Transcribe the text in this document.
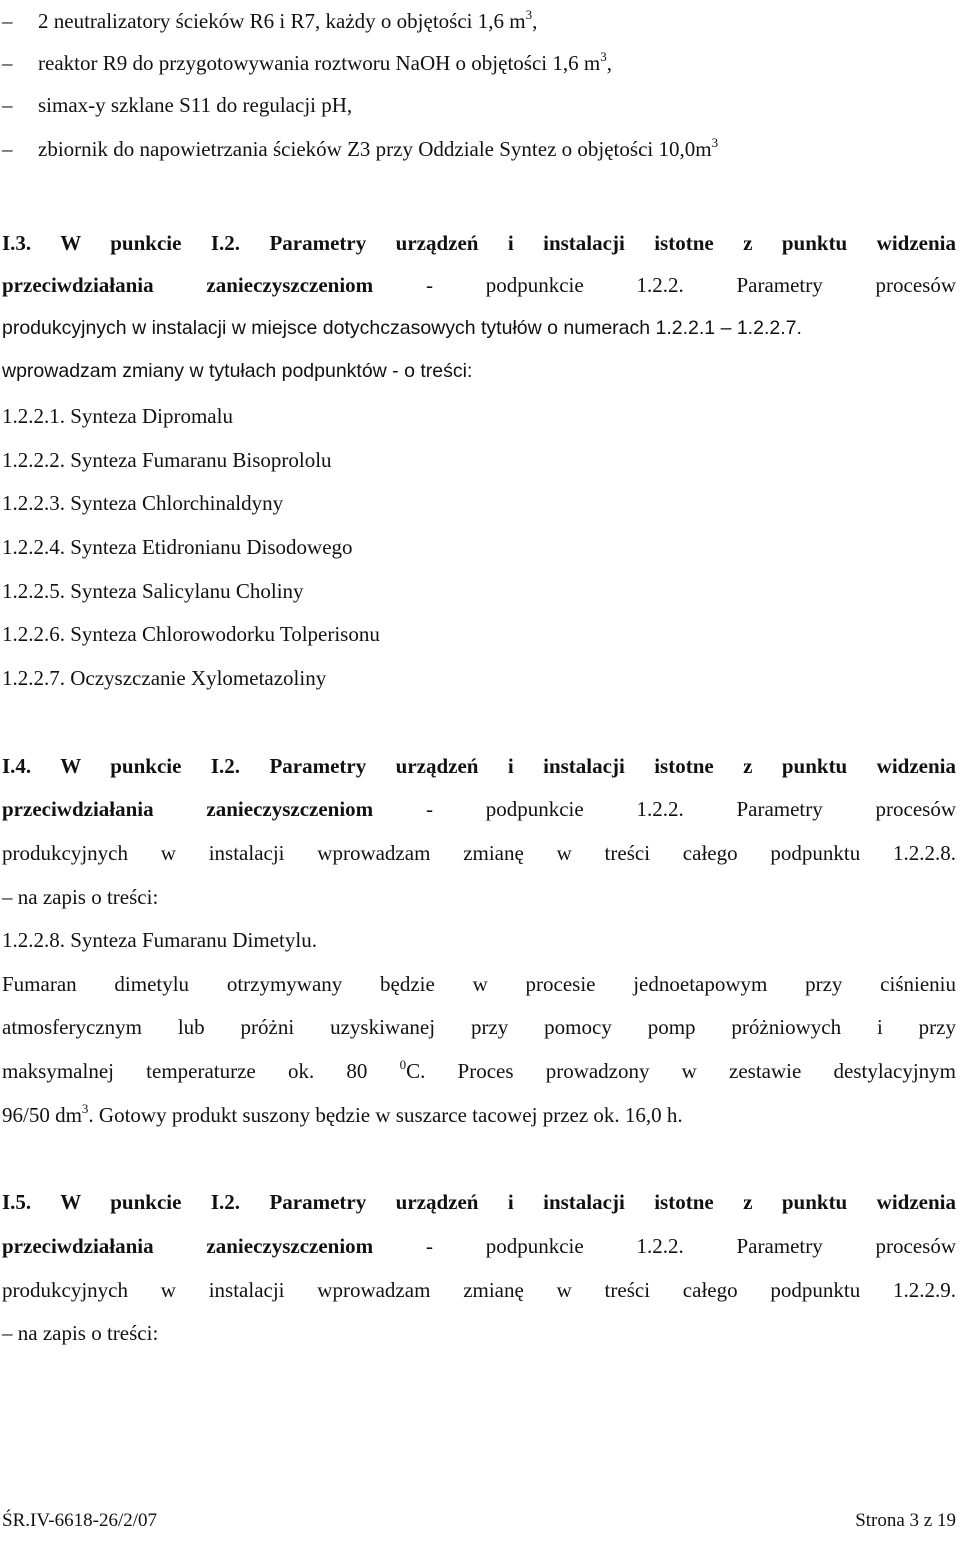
– 2 neutralizatory ścieków R6 i R7, każdy o objętości 1,6 $m^3$,
– reaktor R9 do przygotowywania roztworu NaOH o objętości 1,6 $m^3$,
– simax-y szklane S11 do regulacji pH,
– zbiornik do napowietrzania ścieków Z3 przy Oddziale Syntez o objętości $10,0m^3$
I.3. W punkcie I.2. Parametry urządzeń i instalacji istotne z punktu widzenia
przeciwdziałania zanieczyszczeniom - podpunkcie 1.2.2. Parametry procesów
produkcyjnych w instalacji w miejsce dotychczasowych tytułów o numerach 1.2.2.1 – 1.2.2.7.
wprowadzam zmiany w tytułach podpunktów - o treści:
1.2.2.1. Synteza Dipromalu
1.2.2.2. Synteza Fumaranu Bisoprololu
1.2.2.3. Synteza Chlorchinaldyny
1.2.2.4. Synteza Etidronianu Disodowego
1.2.2.5. Synteza Salicylanu Choliny
1.2.2.6. Synteza Chlorowodorku Tolperisonu
1.2.2.7. Oczyszczanie Xylometazoliny
I.4. W punkcie I.2. Parametry urządzeń i instalacji istotne z punktu widzenia
przeciwdziałania zanieczyszczeniom - podpunkcie 1.2.2. Parametry procesów
produkcyjnych w instalacji wprowadzam zmianę w treści całego podpunktu 1.2.2.8.
– na zapis o treści:
1.2.2.8. Synteza Fumaranu Dimetylu.
Fumaran dimetylu otrzymywany będzie w procesie jednoetapowym przy ciśnieniu
atmosferycznym lub próżni uzyskiwanej przy pomocy pomp próżniowych i przy
maksymalnej temperaturze ok. 80 $^0$C. Proces prowadzony w zestawie destylacyjnym
96/50 $dm^3$. Gotowy produkt suszony będzie w suszarce tacowej przez ok. 16,0 h.
I.5. W punkcie I.2. Parametry urządzeń i instalacji istotne z punktu widzenia
przeciwdziałania zanieczyszczeniom - podpunkcie 1.2.2. Parametry procesów
produkcyjnych w instalacji wprowadzam zmianę w treści całego podpunktu 1.2.2.9.
– na zapis o treści:
ŚR.IV-6618-26/2/07	Strona 3 z 19
